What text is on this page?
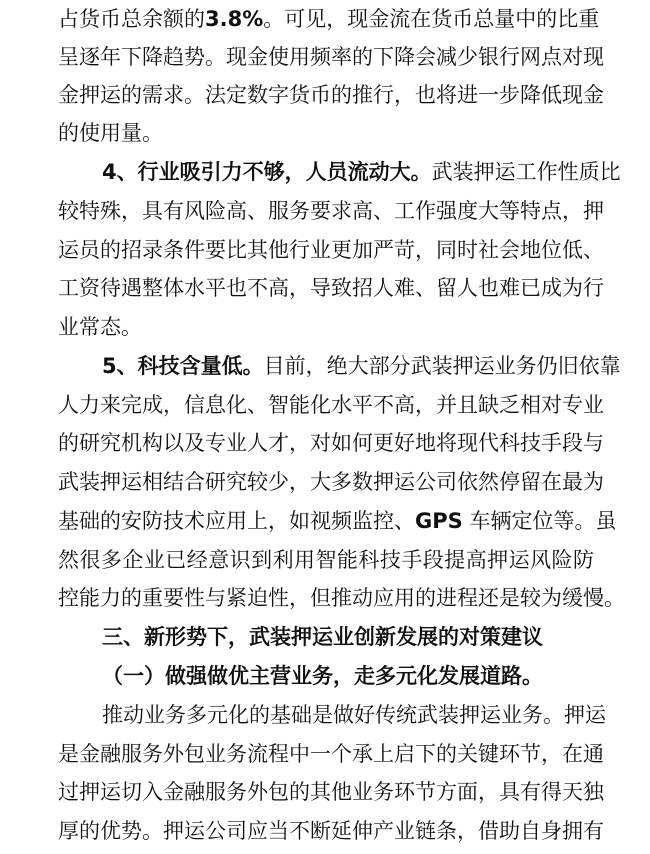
占货币总余额的3.8%。可见，现金流在货币总量中的比重
呈逐年下降趋势。现金使用频率的下降会减少银行网点对现
金押运的需求。法定数字货币的推行，也将进一步降低现金
的使用量。
4、行业吸引力不够，人员流动大。武装押运工作性质比
较特殊，具有风险高、服务要求高、工作强度大等特点，押
运员的招录条件要比其他行业更加严苛，同时社会地位低、
工资待遇整体水平也不高，导致招人难、留人也难已成为行
业常态。
5、科技含量低。目前，绝大部分武装押运业务仍旧依靠
人力来完成，信息化、智能化水平不高，并且缺乏相对专业
的研究机构以及专业人才，对如何更好地将现代科技手段与
武装押运相结合研究较少，大多数押运公司依然停留在最为
基础的安防技术应用上，如视频监控、GPS 车辆定位等。虽
然很多企业已经意识到利用智能科技手段提高押运风险防
控能力的重要性与紧迫性，但推动应用的进程还是较为缓慢。
三、新形势下，武装押运业创新发展的对策建议
（一）做强做优主营业务，走多元化发展道路。
推动业务多元化的基础是做好传统武装押运业务。押运
是金融服务外包业务流程中一个承上启下的关键环节，在通
过押运切入金融服务外包的其他业务环节方面，具有得天独
厚的优势。押运公司应当不断延伸产业链条，借助自身拥有
